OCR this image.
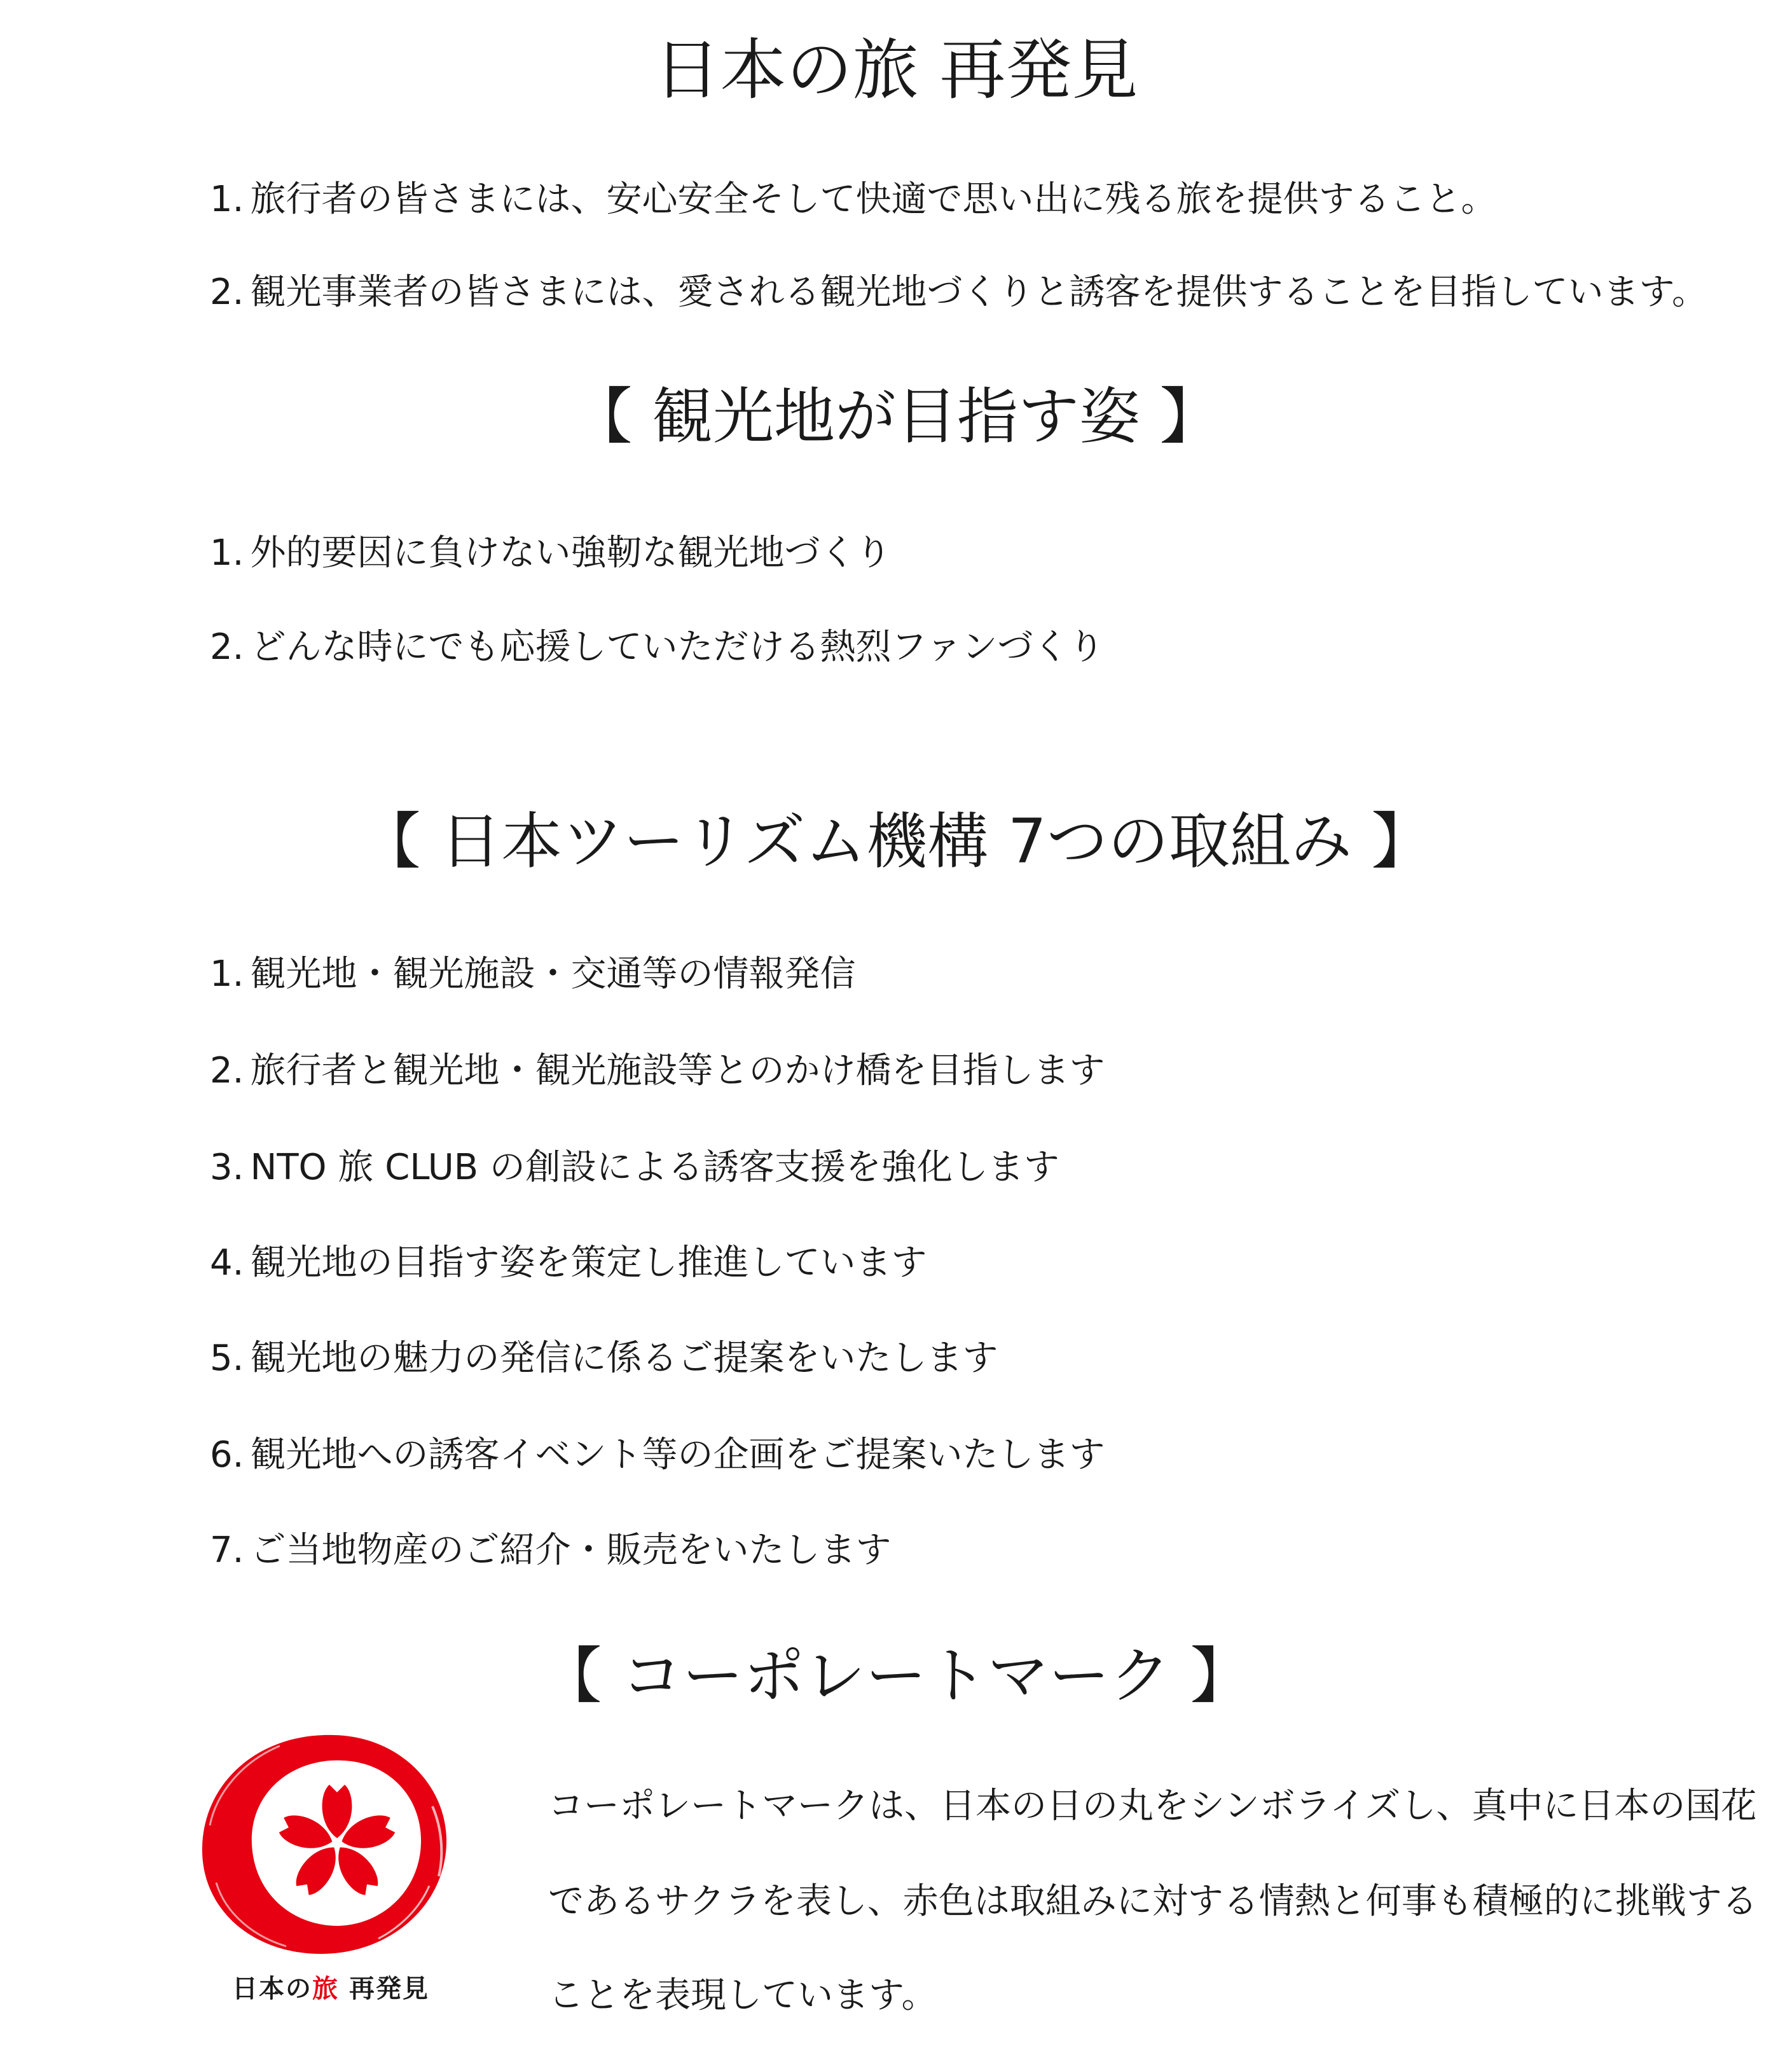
日本の旅 再発見
1. 旅行者の皆さまには、安心安全そして快適で思い出に残る旅を提供すること。
2. 観光事業者の皆さまには、愛される観光地づくりと誘客を提供することを目指しています。
【 観光地が目指す姿 】
1. 外的要因に負けない強靭な観光地づくり
2. どんな時にでも応援していただける熱烈ファンづくり
【 日本ツーリズム機構 7つの取組み 】
1. 観光地・観光施設・交通等の情報発信
2. 旅行者と観光地・観光施設等とのかけ橋を目指します
3. NTO 旅 CLUB の創設による誘客支援を強化します
4. 観光地の目指す姿を策定し推進しています
5. 観光地の魅力の発信に係るご提案をいたします
6. 観光地への誘客イベント等の企画をご提案いたします
7. ご当地物産のご紹介・販売をいたします
【 コーポレートマーク 】
日本の旅 再発見
コーポレートマークは、日本の日の丸をシンボライズし、真中に日本の国花
であるサクラを表し、赤色は取組みに対する情熱と何事も積極的に挑戦する
ことを表現しています。
